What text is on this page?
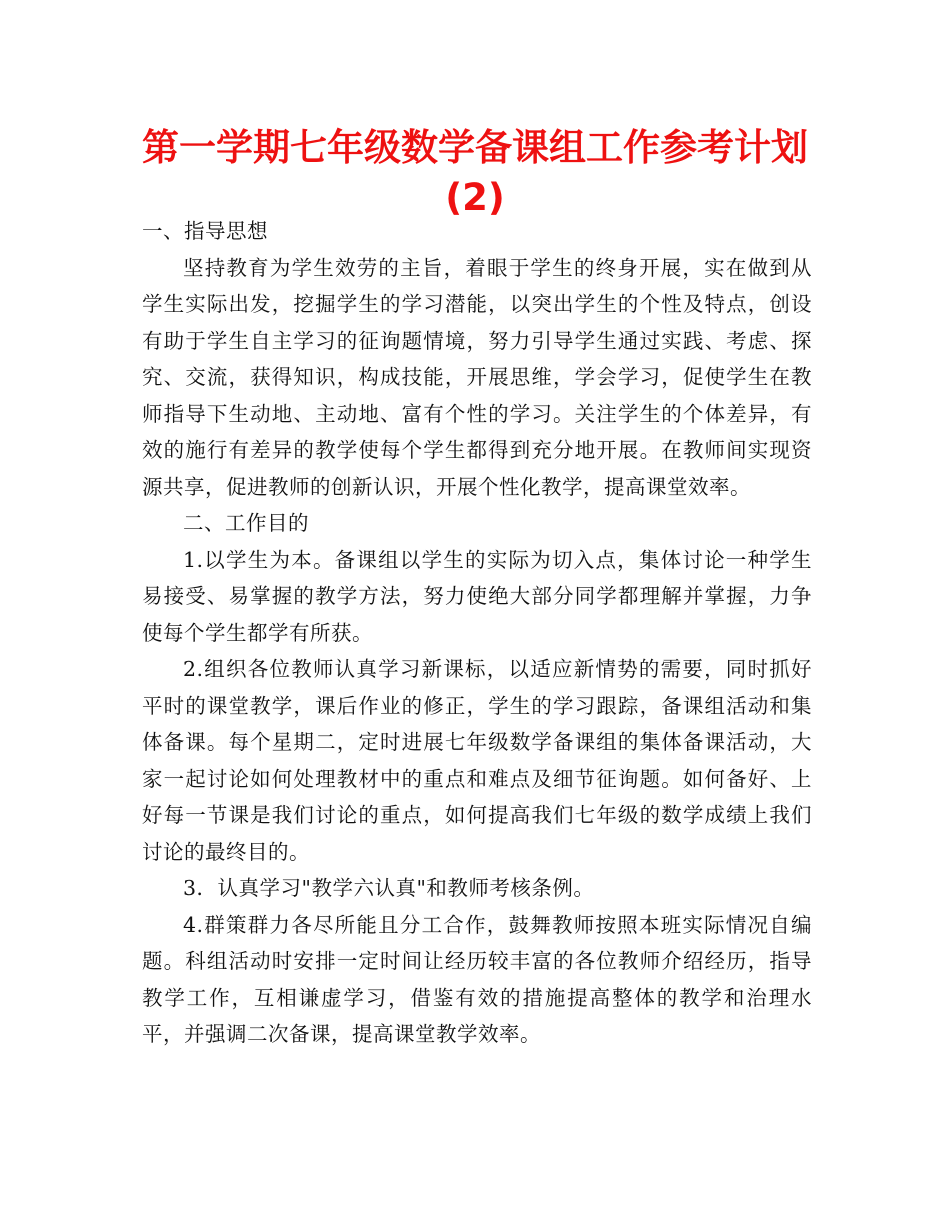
第一学期七年级数学备课组工作参考计划
(2)

一、指导思想

坚持教育为学生效劳的主旨，着眼于学生的终身开展，实在做到从学生实际出发，挖掘学生的学习潜能，以突出学生的个性及特点，创设有助于学生自主学习的征询题情境，努力引导学生通过实践、考虑、探究、交流，获得知识，构成技能，开展思维，学会学习，促使学生在教师指导下生动地、主动地、富有个性的学习。关注学生的个体差异，有效的施行有差异的教学使每个学生都得到充分地开展。在教师间实现资源共享，促进教师的创新认识，开展个性化教学，提高课堂效率。

二、工作目的

1.以学生为本。备课组以学生的实际为切入点，集体讨论一种学生易接受、易掌握的教学方法，努力使绝大部分同学都理解并掌握，力争使每个学生都学有所获。

2.组织各位教师认真学习新课标，以适应新情势的需要，同时抓好平时的课堂教学，课后作业的修正，学生的学习跟踪，备课组活动和集体备课。每个星期二，定时进展七年级数学备课组的集体备课活动，大家一起讨论如何处理教材中的重点和难点及细节征询题。如何备好、上好每一节课是我们讨论的重点，如何提高我们七年级的数学成绩上我们讨论的最终目的。

3．认真学习"教学六认真"和教师考核条例。

4.群策群力各尽所能且分工合作，鼓舞教师按照本班实际情况自编题。科组活动时安排一定时间让经历较丰富的各位教师介绍经历，指导教学工作，互相谦虚学习，借鉴有效的措施提高整体的教学和治理水平，并强调二次备课，提高课堂教学效率。
